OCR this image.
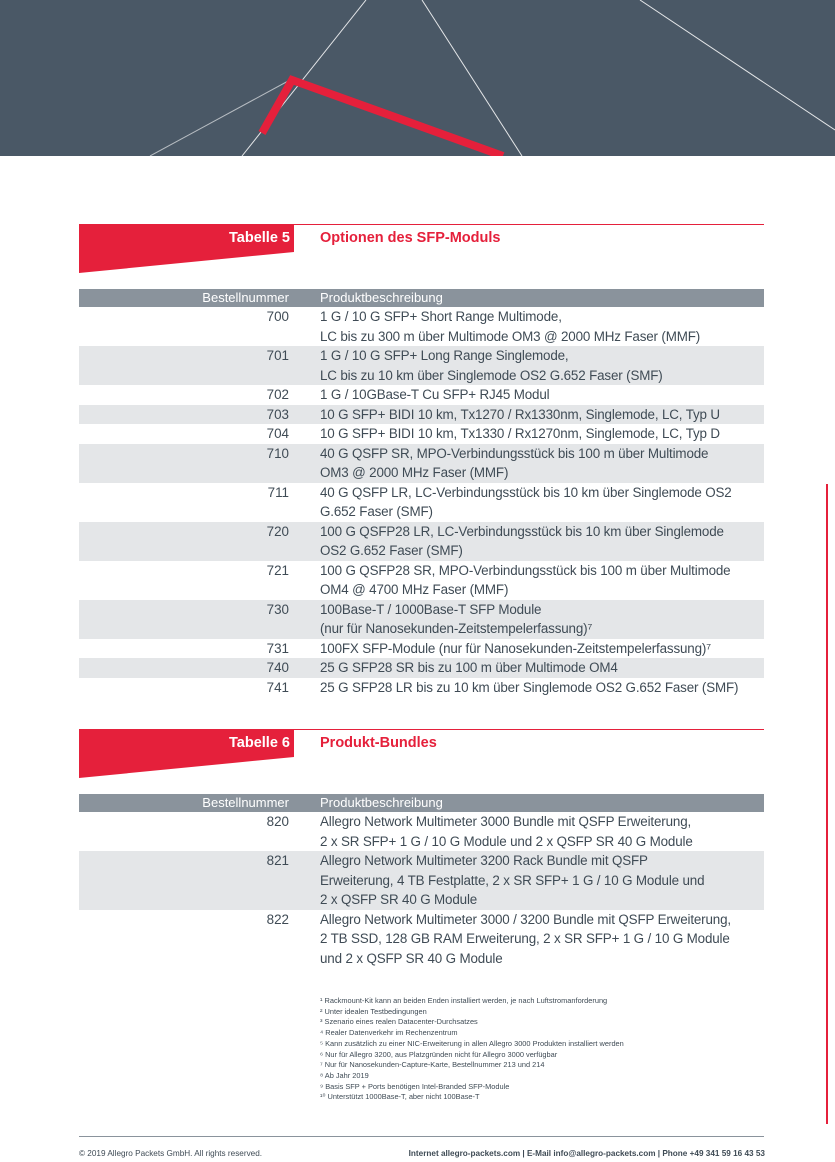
Tabelle 5 Optionen des SFP-Moduls
Bestellnummer	Produktbeschreibung
700	1 G / 10 G SFP+ Short Range Multimode,
LC bis zu 300 m über Multimode OM3 @ 2000 MHz Faser (MMF)
701	1 G / 10 G SFP+ Long Range Singlemode,
LC bis zu 10 km über Singlemode OS2 G.652 Faser (SMF)
702	1 G / 10GBase-T Cu SFP+ RJ45 Modul
703	10 G SFP+ BIDI 10 km, Tx1270 / Rx1330nm, Singlemode, LC, Typ U
704	10 G SFP+ BIDI 10 km, Tx1330 / Rx1270nm, Singlemode, LC, Typ D
710	40 G QSFP SR, MPO-Verbindungsstück bis 100 m über Multimode
OM3 @ 2000 MHz Faser (MMF)
711	40 G QSFP LR, LC-Verbindungsstück bis 10 km über Singlemode OS2
G.652 Faser (SMF)
720	100 G QSFP28 LR, LC-Verbindungsstück bis 10 km über Singlemode
OS2 G.652 Faser (SMF)
721	100 G QSFP28 SR, MPO-Verbindungsstück bis 100 m über Multimode
OM4 @ 4700 MHz Faser (MMF)
730	100Base-T / 1000Base-T SFP Module
(nur für Nanosekunden-Zeitstempelerfassung)⁷
731	100FX SFP-Module (nur für Nanosekunden-Zeitstempelerfassung)⁷
740	25 G SFP28 SR bis zu 100 m über Multimode OM4
741	25 G SFP28 LR bis zu 10 km über Singlemode OS2 G.652 Faser (SMF)
Tabelle 6 Produkt-Bundles
Bestellnummer	Produktbeschreibung
820	Allegro Network Multimeter 3000 Bundle mit QSFP Erweiterung,
2 x SR SFP+ 1 G / 10 G Module und 2 x QSFP SR 40 G Module
821	Allegro Network Multimeter 3200 Rack Bundle mit QSFP
Erweiterung, 4 TB Festplatte, 2 x SR SFP+ 1 G / 10 G Module und
2 x QSFP SR 40 G Module
822	Allegro Network Multimeter 3000 / 3200 Bundle mit QSFP Erweiterung,
2 TB SSD, 128 GB RAM Erweiterung, 2 x SR SFP+ 1 G / 10 G Module
und 2 x QSFP SR 40 G Module
¹ Rackmount-Kit kann an beiden Enden installiert werden, je nach Luftstromanforderung
² Unter idealen Testbedingungen
³ Szenario eines realen Datacenter-Durchsatzes
⁴ Realer Datenverkehr im Rechenzentrum
⁵ Kann zusätzlich zu einer NIC-Erweiterung in allen Allegro 3000 Produkten installiert werden
⁶ Nur für Allegro 3200, aus Platzgründen nicht für Allegro 3000 verfügbar
⁷ Nur für Nanosekunden-Capture-Karte, Bestellnummer 213 und 214
⁸ Ab Jahr 2019
⁹ Basis SFP + Ports benötigen Intel-Branded SFP-Module
¹⁰ Unterstützt 1000Base-T, aber nicht 100Base-T
© 2019 Allegro Packets GmbH. All rights reserved.	Internet allegro-packets.com | E-Mail info@allegro-packets.com | Phone +49 341 59 16 43 53
